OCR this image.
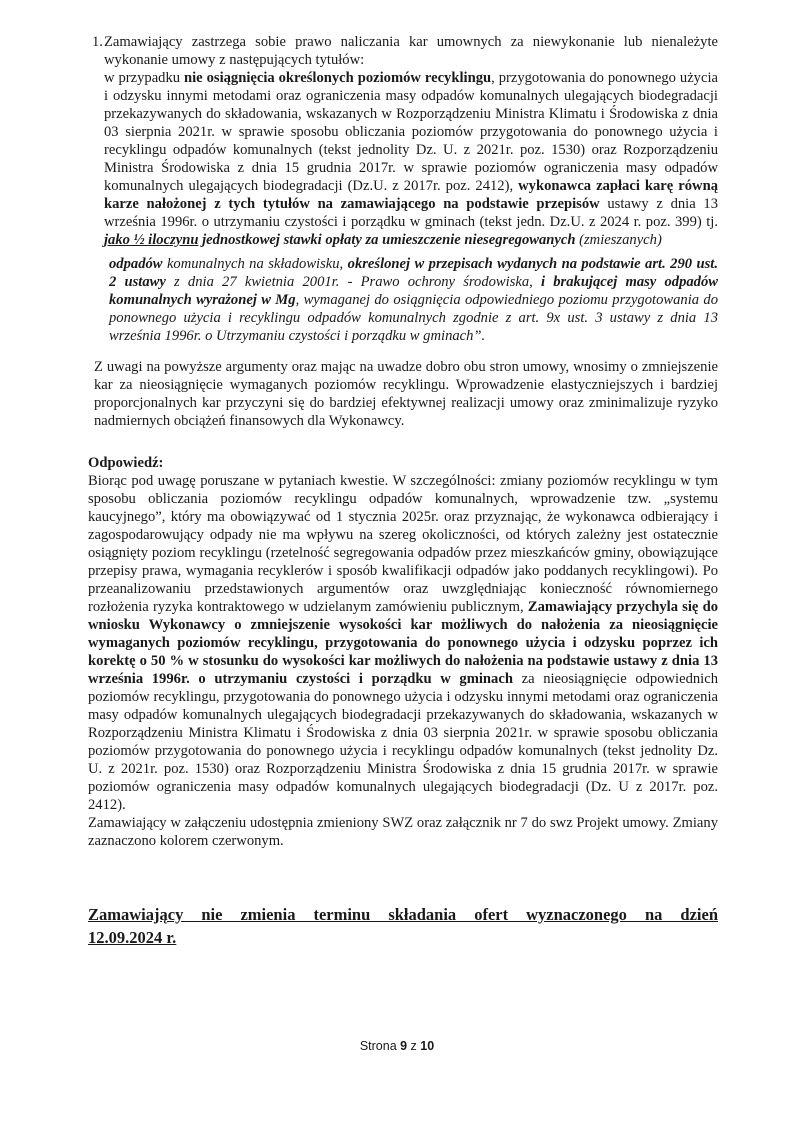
1. Zamawiający zastrzega sobie prawo naliczania kar umownych za niewykonanie lub nienależyte wykonanie umowy z następujących tytułów:

w przypadku nie osiągnięcia określonych poziomów recyklingu, przygotowania do ponownego użycia i odzysku innymi metodami oraz ograniczenia masy odpadów komunalnych ulegających biodegradacji przekazywanych do składowania, wskazanych w Rozporządzeniu Ministra Klimatu i Środowiska z dnia 03 sierpnia 2021r. w sprawie sposobu obliczania poziomów przygotowania do ponownego użycia i recyklingu odpadów komunalnych (tekst jednolity Dz. U. z 2021r. poz. 1530) oraz Rozporządzeniu Ministra Środowiska z dnia 15 grudnia 2017r. w sprawie poziomów ograniczenia masy odpadów komunalnych ulegających biodegradacji (Dz.U. z 2017r. poz. 2412), wykonawca zapłaci karę równą karze nałożonej z tych tytułów na zamawiającego na podstawie przepisów ustawy z dnia 13 września 1996r. o utrzymaniu czystości i porządku w gminach (tekst jedn. Dz.U. z 2024 r. poz. 399) tj. jako ½ iloczynu jednostkowej stawki opłaty za umieszczenie niesegregowanych (zmieszanych)

odpadów komunalnych na składowisku, określonej w przepisach wydanych na podstawie art. 290 ust. 2 ustawy z dnia 27 kwietnia 2001r. - Prawo ochrony środowiska, i brakującej masy odpadów komunalnych wyrażonej w Mg, wymaganej do osiągnięcia odpowiedniego poziomu przygotowania do ponownego użycia i recyklingu odpadów komunalnych zgodnie z art. 9x ust. 3 ustawy z dnia 13 września 1996r. o Utrzymaniu czystości i porządku w gminach”.

Z uwagi na powyższe argumenty oraz mając na uwadze dobro obu stron umowy, wnosimy o zmniejszenie kar za nieosiągnięcie wymaganych poziomów recyklingu. Wprowadzenie elastyczniejszych i bardziej proporcjonalnych kar przyczyni się do bardziej efektywnej realizacji umowy oraz zminimalizuje ryzyko nadmiernych obciążeń finansowych dla Wykonawcy.

Odpowiedź:

Biorąc pod uwagę poruszane w pytaniach kwestie. W szczególności: zmiany poziomów recyklingu w tym sposobu obliczania poziomów recyklingu odpadów komunalnych, wprowadzenie tzw. „systemu kaucyjnego”, który ma obowiązywać od 1 stycznia 2025r. oraz przyznając, że wykonawca odbierający i zagospodarowujący odpady nie ma wpływu na szereg okoliczności, od których zależny jest ostatecznie osiągnięty poziom recyklingu (rzetelność segregowania odpadów przez mieszkańców gminy, obowiązujące przepisy prawa, wymagania recyklerów i sposób kwalifikacji odpadów jako poddanych recyklingowi). Po przeanalizowaniu przedstawionych argumentów oraz uwzględniając konieczność równomiernego rozłożenia ryzyka kontraktowego w udzielanym zamówieniu publicznym, Zamawiający przychyla się do wniosku Wykonawcy o zmniejszenie wysokości kar możliwych do nałożenia za nieosiągnięcie wymaganych poziomów recyklingu, przygotowania do ponownego użycia i odzysku poprzez ich korektę o 50 % w stosunku do wysokości kar możliwych do nałożenia na podstawie ustawy z dnia 13 września 1996r. o utrzymaniu czystości i porządku w gminach za nieosiągnięcie odpowiednich poziomów recyklingu, przygotowania do ponownego użycia i odzysku innymi metodami oraz ograniczenia masy odpadów komunalnych ulegających biodegradacji przekazywanych do składowania, wskazanych w Rozporządzeniu Ministra Klimatu i Środowiska z dnia 03 sierpnia 2021r. w sprawie sposobu obliczania poziomów przygotowania do ponownego użycia i recyklingu odpadów komunalnych (tekst jednolity Dz. U. z 2021r. poz. 1530) oraz Rozporządzeniu Ministra Środowiska z dnia 15 grudnia 2017r. w sprawie poziomów ograniczenia masy odpadów komunalnych ulegających biodegradacji (Dz. U z 2017r. poz. 2412).

Zamawiający w załączeniu udostępnia zmieniony SWZ oraz załącznik nr 7 do swz Projekt umowy. Zmiany zaznaczono kolorem czerwonym.

Zamawiający nie zmienia terminu składania ofert wyznaczonego na dzień
12.09.2024 r.
Strona 9 z 10
